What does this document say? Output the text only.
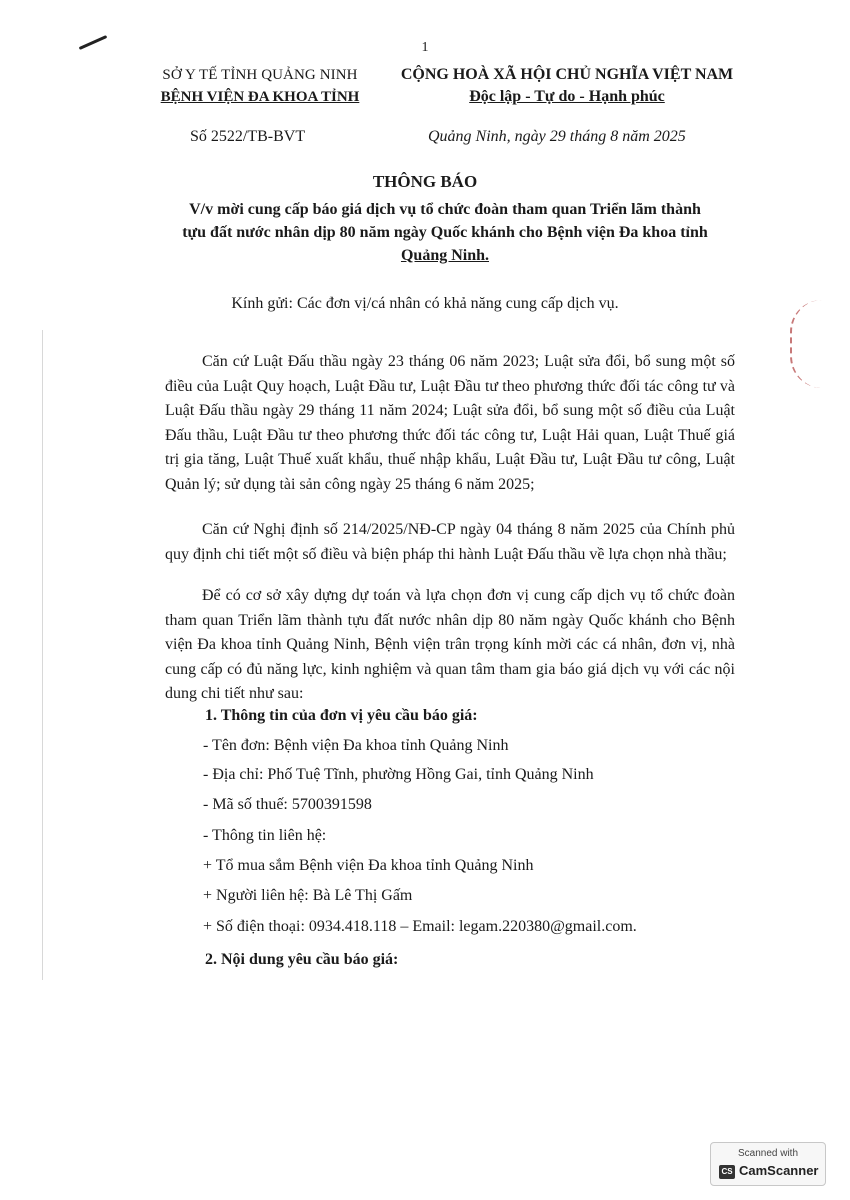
1
SỞ Y TẾ TỈNH QUẢNG NINH
BỆNH VIỆN ĐA KHOA TỈNH
CỘNG HOÀ XÃ HỘI CHỦ NGHĨA VIỆT NAM
Độc lập - Tự do - Hạnh phúc
Số 2522/TB-BVT	Quảng Ninh, ngày 29 tháng 8 năm 2025
THÔNG BÁO
V/v mời cung cấp báo giá dịch vụ tổ chức đoàn tham quan Triển lãm thành
tựu đất nước nhân dịp 80 năm ngày Quốc khánh cho Bệnh viện Đa khoa tỉnh
Quảng Ninh.
Kính gửi: Các đơn vị/cá nhân có khả năng cung cấp dịch vụ.
Căn cứ Luật Đấu thầu ngày 23 tháng 06 năm 2023; Luật sửa đổi, bổ sung một số điều của Luật Quy hoạch, Luật Đầu tư, Luật Đầu tư theo phương thức đối tác công tư và Luật Đấu thầu ngày 29 tháng 11 năm 2024; Luật sửa đổi, bổ sung một số điều của Luật Đấu thầu, Luật Đầu tư theo phương thức đối tác công tư, Luật Hải quan, Luật Thuế giá trị gia tăng, Luật Thuế xuất khẩu, thuế nhập khẩu, Luật Đầu tư, Luật Đầu tư công, Luật Quản lý; sử dụng tài sản công ngày 25 tháng 6 năm 2025;
Căn cứ Nghị định số 214/2025/NĐ-CP ngày 04 tháng 8 năm 2025 của Chính phủ quy định chi tiết một số điều và biện pháp thi hành Luật Đấu thầu về lựa chọn nhà thầu;
Để có cơ sở xây dựng dự toán và lựa chọn đơn vị cung cấp dịch vụ tổ chức đoàn tham quan Triển lãm thành tựu đất nước nhân dịp 80 năm ngày Quốc khánh cho Bệnh viện Đa khoa tỉnh Quảng Ninh, Bệnh viện trân trọng kính mời các cá nhân, đơn vị, nhà cung cấp có đủ năng lực, kinh nghiệm và quan tâm tham gia báo giá dịch vụ với các nội dung chi tiết như sau:
1. Thông tin của đơn vị yêu cầu báo giá:
- Tên đơn: Bệnh viện Đa khoa tỉnh Quảng Ninh
- Địa chỉ: Phố Tuệ Tĩnh, phường Hồng Gai, tỉnh Quảng Ninh
- Mã số thuế: 5700391598
- Thông tin liên hệ:
+ Tổ mua sắm Bệnh viện Đa khoa tỉnh Quảng Ninh
+ Người liên hệ: Bà Lê Thị Gấm
+ Số điện thoại: 0934.418.118 – Email: legam.220380@gmail.com.
2. Nội dung yêu cầu báo giá:
Scanned with
CS CamScanner
